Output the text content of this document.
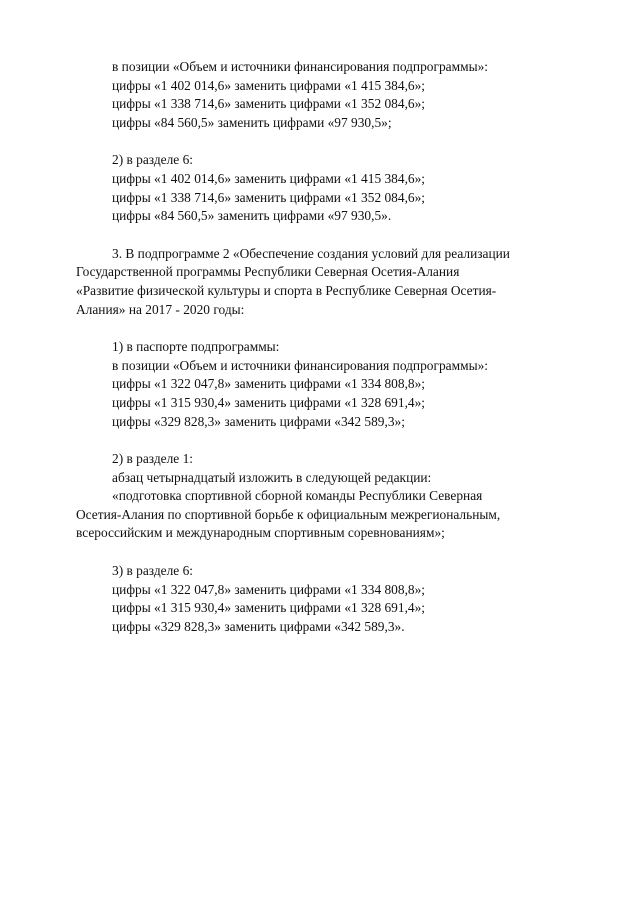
в позиции «Объем и источники финансирования подпрограммы»:
цифры «1 402 014,6» заменить цифрами «1 415 384,6»;
цифры «1 338 714,6» заменить цифрами «1 352 084,6»;
цифры «84 560,5» заменить цифрами «97 930,5»;
2) в разделе 6:
цифры «1 402 014,6» заменить цифрами «1 415 384,6»;
цифры «1 338 714,6» заменить цифрами «1 352 084,6»;
цифры «84 560,5» заменить цифрами «97 930,5».
3. В подпрограмме 2 «Обеспечение создания условий для реализации
Государственной программы Республики Северная Осетия-Алания
«Развитие физической культуры и спорта в Республике Северная Осетия-
Алания» на 2017 - 2020 годы:
1) в паспорте подпрограммы:
в позиции «Объем и источники финансирования подпрограммы»:
цифры «1 322 047,8» заменить цифрами «1 334 808,8»;
цифры «1 315 930,4» заменить цифрами «1 328 691,4»;
цифры «329 828,3» заменить цифрами «342 589,3»;
2) в разделе 1:
абзац четырнадцатый изложить в следующей редакции:
«подготовка спортивной сборной команды Республики Северная
Осетия-Алания по спортивной борьбе к официальным межрегиональным,
всероссийским и международным спортивным соревнованиям»;
3) в разделе 6:
цифры «1 322 047,8» заменить цифрами «1 334 808,8»;
цифры «1 315 930,4» заменить цифрами «1 328 691,4»;
цифры «329 828,3» заменить цифрами «342 589,3».
